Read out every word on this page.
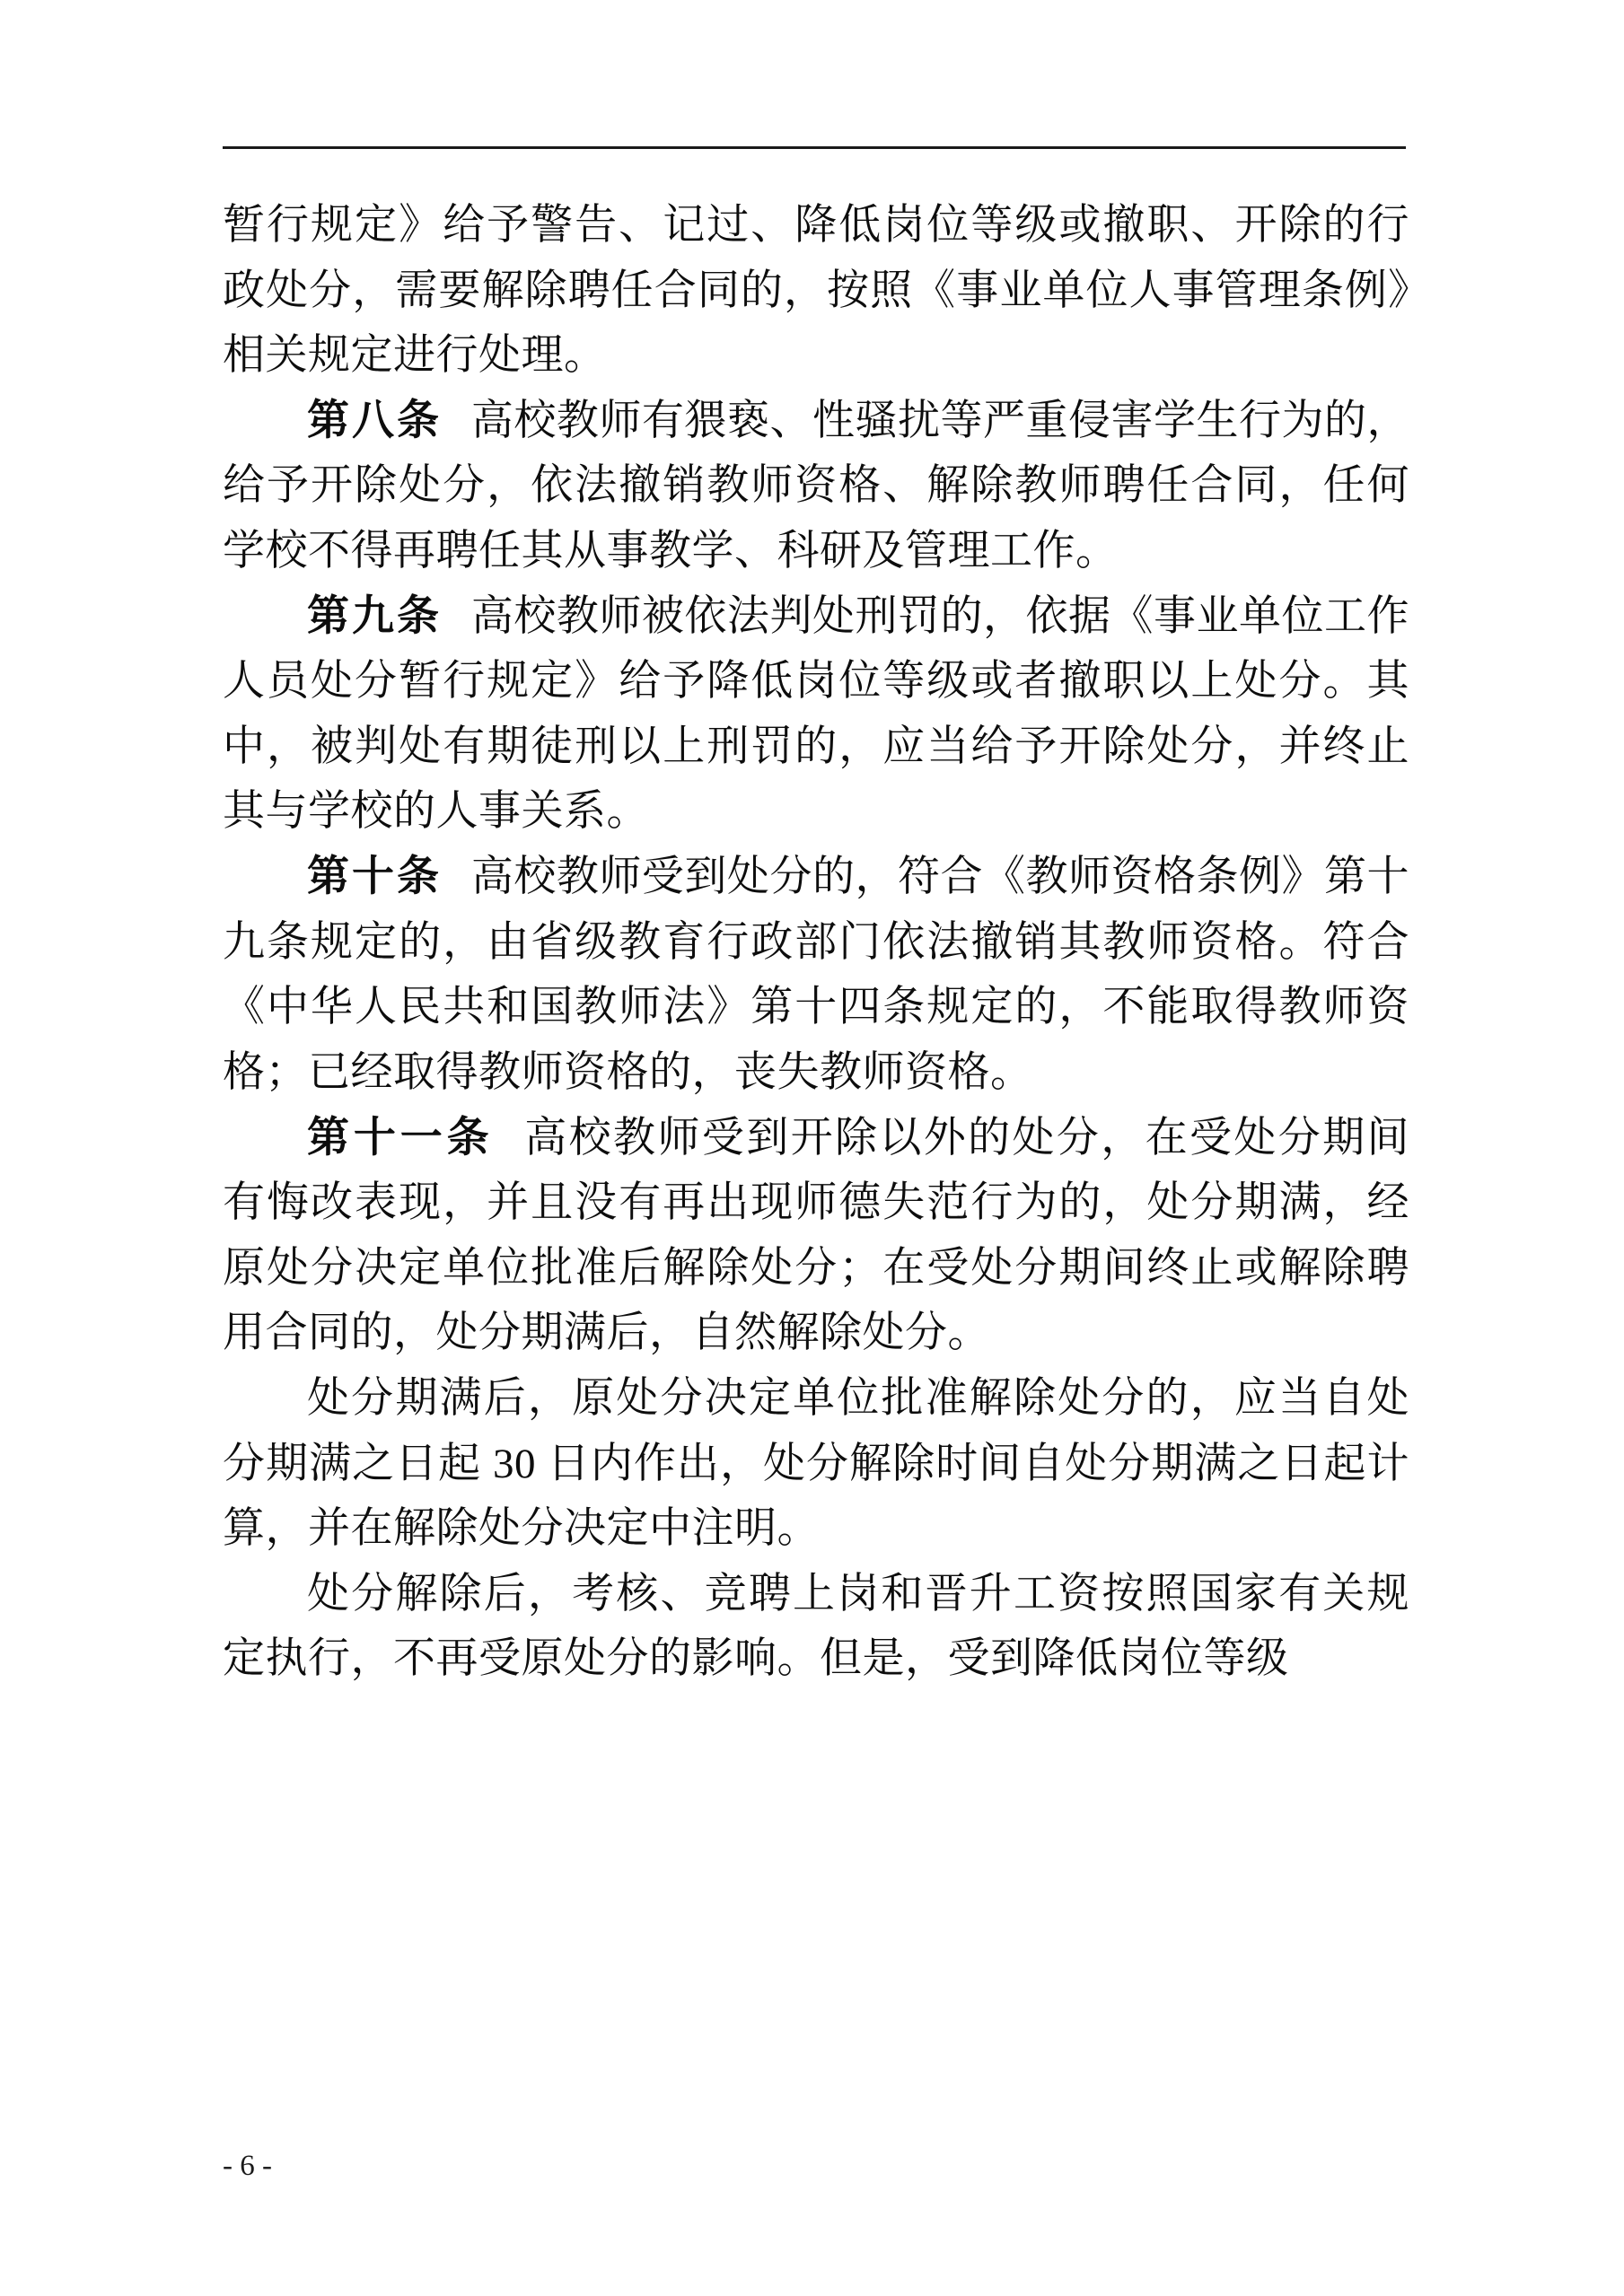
暂行规定》给予警告、记过、降低岗位等级或撤职、开除的行政处分，需要解除聘任合同的，按照《事业单位人事管理条例》相关规定进行处理。

第八条 高校教师有猥亵、性骚扰等严重侵害学生行为的，给予开除处分，依法撤销教师资格、解除教师聘任合同，任何学校不得再聘任其从事教学、科研及管理工作。

第九条 高校教师被依法判处刑罚的，依据《事业单位工作人员处分暂行规定》给予降低岗位等级或者撤职以上处分。其中，被判处有期徒刑以上刑罚的，应当给予开除处分，并终止其与学校的人事关系。

第十条 高校教师受到处分的，符合《教师资格条例》第十九条规定的，由省级教育行政部门依法撤销其教师资格。符合《中华人民共和国教师法》第十四条规定的，不能取得教师资格；已经取得教师资格的，丧失教师资格。

第十一条 高校教师受到开除以外的处分，在受处分期间有悔改表现，并且没有再出现师德失范行为的，处分期满，经原处分决定单位批准后解除处分；在受处分期间终止或解除聘用合同的，处分期满后，自然解除处分。

处分期满后，原处分决定单位批准解除处分的，应当自处分期满之日起 30 日内作出，处分解除时间自处分期满之日起计算，并在解除处分决定中注明。

处分解除后，考核、竞聘上岗和晋升工资按照国家有关规定执行，不再受原处分的影响。但是，受到降低岗位等级

- 6 -
